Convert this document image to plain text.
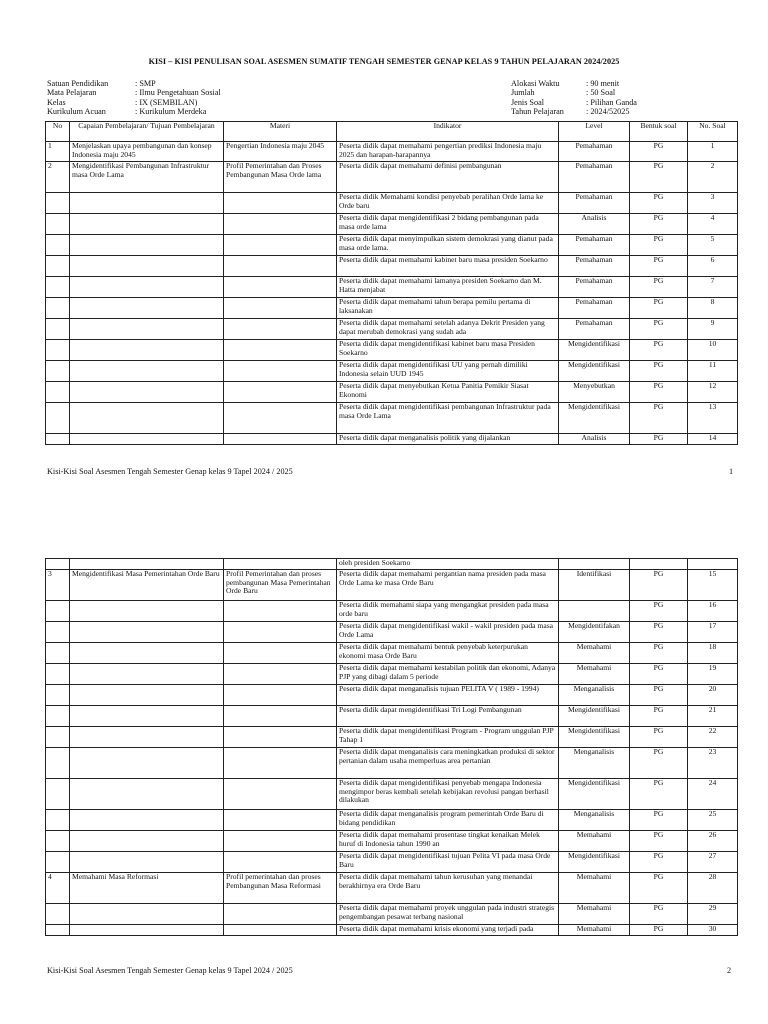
KISI – KISI PENULISAN SOAL ASESMEN SUMATIF TENGAH SEMESTER GENAP KELAS 9 TAHUN PELAJARAN 2024/2025
Satuan Pendidikan	: SMP
Mata Pelajaran	: Ilmu Pengetahuan Sosial
Kelas	: IX (SEMBILAN)
Kurikulum Acuan	: Kurikulum Merdeka
Alokasi Waktu	: 90 menit
Jumlah	: 50 Soal
Jenis Soal	: Pilihan Ganda
Tahun Pelajaran	: 2024/52025
No	Capaian Pembelajaran/ Tujuan Pembelajaran	Materi	Indikator	Level	Bentuk soal	No. Soal
1	Menjelaskan upaya pembangunan dan konsep Indonesia maju 2045	Pengertian Indonesia maju 2045	Peserta didik dapat memahami pengertian prediksi Indonesia maju 2025 dan harapan-harapannya	Pemahaman	PG	1
2	Mengidentifikasi Pembangunan Infrastruktur masa Orde Lama	Profil Pemerintahan dan Proses Pembangunan Masa Orde lama	Peserta didik dapat memahami definisi pembangunan	Pemahaman	PG	2
			Peserta didik Memahami kondisi penyebab peralihan Orde lama ke Orde baru	Pemahaman	PG	3
			Peserta didik dapat mengidentifikasi 2 bidang pembangunan pada masa orde lama	Analisis	PG	4
			Peserta didik dapat menyimpulkan sistem demokrasi yang dianut pada masa orde lama.	Pemahaman	PG	5
			Peserta didik dapat memahami kabinet baru masa presiden Soekarno	Pemahaman	PG	6
			Peserta didik dapat memahami lamanya presiden Soekarno dan M. Hatta menjabat	Pemahaman	PG	7
			Peserta didik dapat memahami tahun berapa pemilu pertama di laksanakan	Pemahaman	PG	8
			Peserta didik dapat memahami setelah adanya Dekrit Presiden yang dapat merubah demokrasi yang sudah ada	Pemahaman	PG	9
			Peserta didik dapat mengidentifikasi kabinet baru masa Presiden Soekarno	Mengidentifikasi	PG	10
			Peserta didik dapat mengidentifikasi UU yang pernah dimiliki Indonesia selain UUD 1945	Mengidentifikasi	PG	11
			Peserta didik dapat menyebutkan Ketua Panitia Pemikir Siasat Ekonomi	Menyebutkan	PG	12
			Peserta didik dapat mengidentifikasi pembangunan Infrastruktur pada masa Orde Lama	Mengidentifikasi	PG	13
			Peserta didik dapat menganalisis politik yang dijalankan	Analisis	PG	14
Kisi-Kisi Soal Asesmen Tengah Semester Genap kelas 9 Tapel 2024 / 2025	1
			oleh presiden Soekarno			
3	Mengidentifikasi Masa Pemerintahan Orde Baru	Profil Pemerintahan dan proses pembangunan Masa Pemerintahan Orde Baru	Peserta didik dapat memahami pergantian nama presiden pada masa Orde Lama ke masa Orde Baru	Identifikasi	PG	15
			Peserta didik memahami siapa yang mengangkat presiden pada masa orde baru		PG	16
			Peserta didik dapat mengidentifikasi wakil - wakil presiden pada masa Orde Lama	Mengidentifakan	PG	17
			Peserta didik dapat memahami bentuk penyebab keterpurukan ekonomi masa Orde Baru	Memahami	PG	18
			Peserta didik dapat memahami kestabilan politik dan ekonomi, Adanya PJP yang dibagi dalam 5 periode	Memahami	PG	19
			Peserta didik dapat menganalisis tujuan PELITA V ( 1989 - 1994)	Menganalisis	PG	20
			Peserta didik dapat mengidentifikasi Tri Logi Pembangunan	Mengidentifikasi	PG	21
			Peserta didik dapat mengidentifikasi Program - Program unggulan PJP Tahap 1	Mengidentifikasi	PG	22
			Peserta didik dapat menganalisis cara meningkatkan produksi di sektor pertanian dalam usaha memperluas area pertanian	Menganalisis	PG	23
			Peserta didik dapat mengidentifikasi penyebab mengapa Indonesia mengimpor beras kembali setelah kebijakan revolusi pangan berhasil dilakukan	Mengidentifikasi	PG	24
			Peserta didik dapat menganalisis program pemerintah Orde Baru di bidang pendidikan	Menganalisis	PG	25
			Peserta didik dapat memahami prosentase tingkat kenaikan Melek huruf di Indonesia tahun 1990 an	Memahami	PG	26
			Peserta didik dapat mengidentifikasi tujuan Pelita VI pada masa Orde Baru	Mengidentifikasi	PG	27
4	Memahami Masa Reformasi	Profil pemerintahan dan proses Pembangunan Masa Reformasi	Peserta didik dapat memahami tahun kerusuhan yang menandai berakhirnya era Orde Baru	Memahami	PG	28
			Peserta didik dapat memahami proyek unggulan pada industri strategis pengembangan pesawat terbang nasional	Memahami	PG	29
			Peserta didik dapat memahami krisis ekonomi yang terjadi pada	Memahami	PG	30
Kisi-Kisi Soal Asesmen Tengah Semester Genap kelas 9 Tapel 2024 / 2025	2
